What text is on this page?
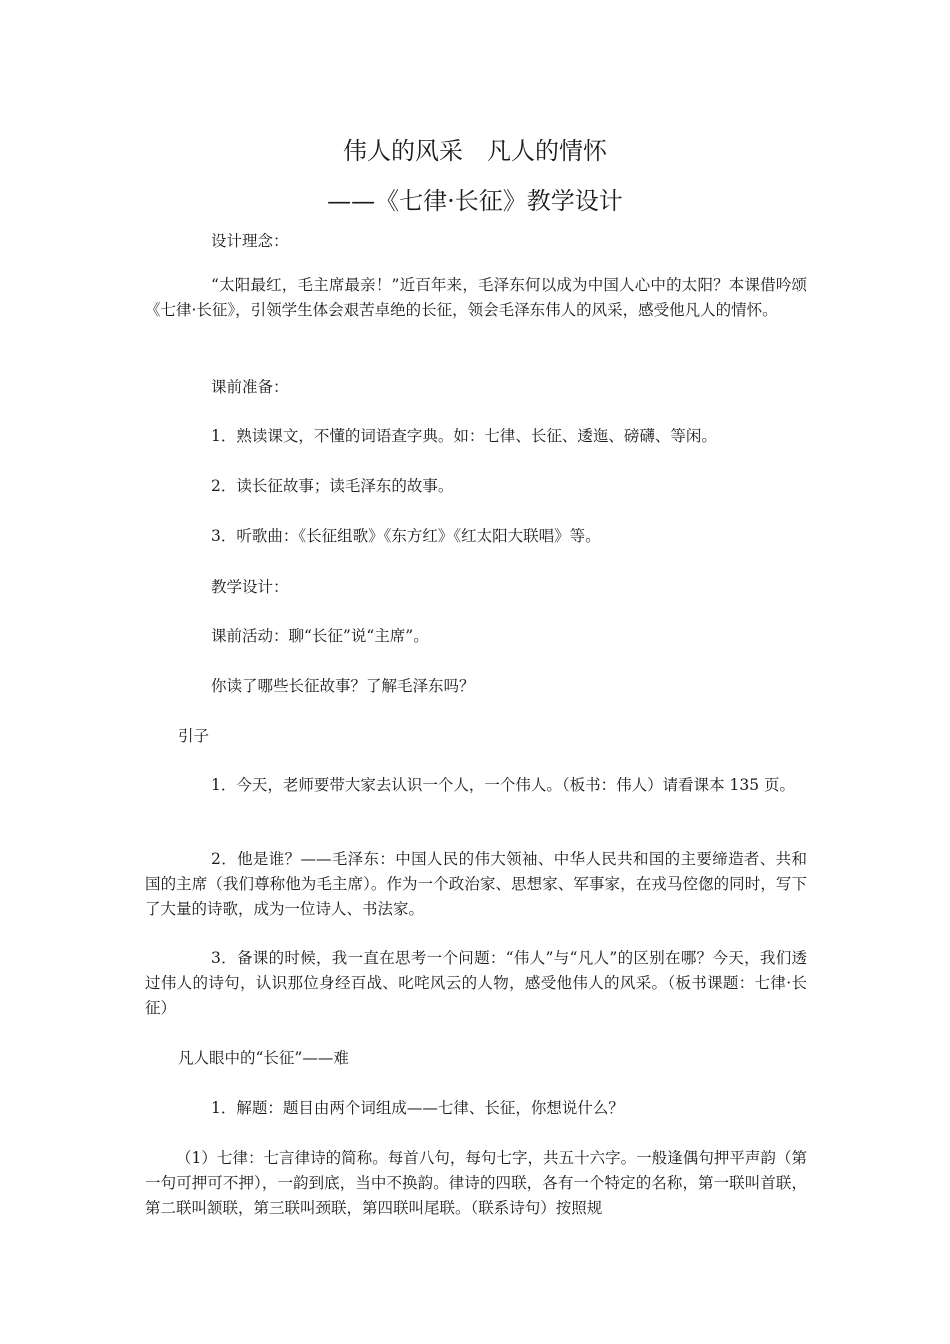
伟人的风采　凡人的情怀
——《七律·长征》教学设计

设计理念：

“太阳最红，毛主席最亲！”近百年来，毛泽东何以成为中国人心中的太阳？本课借吟颂《七律·长征》，引领学生体会艰苦卓绝的长征，领会毛泽东伟人的风采，感受他凡人的情怀。

课前准备：

1．熟读课文，不懂的词语查字典。如：七律、长征、逶迤、磅礴、等闲。

2．读长征故事；读毛泽东的故事。

3．听歌曲：《长征组歌》《东方红》《红太阳大联唱》等。

教学设计：

课前活动：聊“长征”说“主席”。

你读了哪些长征故事？了解毛泽东吗？

引子

1．今天，老师要带大家去认识一个人，一个伟人。（板书：伟人）请看课本 135 页。

2．他是谁？——毛泽东：中国人民的伟大领袖、中华人民共和国的主要缔造者、共和国的主席（我们尊称他为毛主席）。作为一个政治家、思想家、军事家，在戎马倥偬的同时，写下了大量的诗歌，成为一位诗人、书法家。

3．备课的时候，我一直在思考一个问题：“伟人”与“凡人”的区别在哪？今天，我们透过伟人的诗句，认识那位身经百战、叱咤风云的人物，感受他伟人的风采。（板书课题：七律·长征）

凡人眼中的“长征”——难

1．解题：题目由两个词组成——七律、长征，你想说什么？

（1）七律：七言律诗的简称。每首八句，每句七字，共五十六字。一般逢偶句押平声韵（第一句可押可不押），一韵到底，当中不换韵。律诗的四联，各有一个特定的名称，第一联叫首联，第二联叫颔联，第三联叫颈联，第四联叫尾联。（联系诗句）按照规
